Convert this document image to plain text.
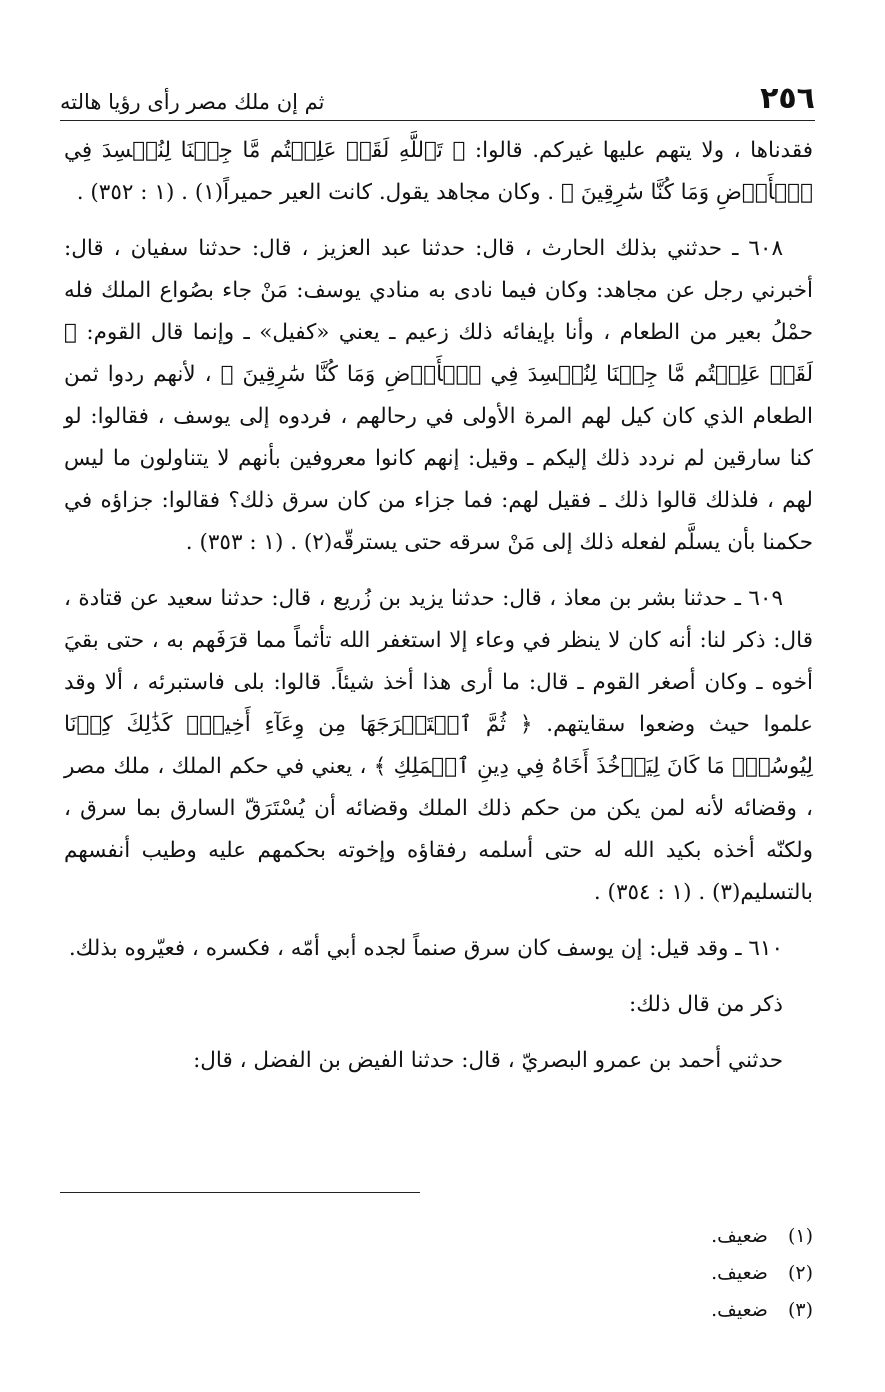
٢٥٦
ثم إن ملك مصر رأى رؤيا هالته

فقدناها ، ولا يتهم عليها غيركم. قالوا: ﴿ تَٱللَّهِ لَقَدۡ عَلِمۡتُم مَّا جِئۡنَا لِنُفۡسِدَ فِي ٱلۡأَرۡضِ وَمَا كُنَّا سَٰرِقِينَ ﴾ . وكان مجاهد يقول. كانت العير حميراً(١) . (١ : ٣٥٢) .

٦٠٨ ـ حدثني بذلك الحارث ، قال: حدثنا عبد العزيز ، قال: حدثنا سفيان ، قال: أخبرني رجل عن مجاهد: وكان فيما نادى به منادي يوسف: مَنْ جاء بصُواع الملك فله حمْلُ بعير من الطعام ، وأنا بإيفائه ذلك زعيم ـ يعني «كفيل» ـ وإنما قال القوم: ﴿ لَقَدۡ عَلِمۡتُم مَّا جِئۡنَا لِنُفۡسِدَ فِي ٱلۡأَرۡضِ وَمَا كُنَّا سَٰرِقِينَ ﴾ ، لأنهم ردوا ثمن الطعام الذي كان كيل لهم المرة الأولى في رحالهم ، فردوه إلى يوسف ، فقالوا: لو كنا سارقين لم نردد ذلك إليكم ـ وقيل: إنهم كانوا معروفين بأنهم لا يتناولون ما ليس لهم ، فلذلك قالوا ذلك ـ فقيل لهم: فما جزاء من كان سرق ذلك؟ فقالوا: جزاؤه في حكمنا بأن يسلَّم لفعله ذلك إلى مَنْ سرقه حتى يسترقّه(٢) . (١ : ٣٥٣) .

٦٠٩ ـ حدثنا بشر بن معاذ ، قال: حدثنا يزيد بن زُريع ، قال: حدثنا سعيد عن قتادة ، قال: ذكر لنا: أنه كان لا ينظر في وعاء إلا استغفر الله تأثماً مما قرَفَهم به ، حتى بقيَ أخوه ـ وكان أصغر القوم ـ قال: ما أرى هذا أخذ شيئاً. قالوا: بلى فاستبرئه ، ألا وقد علموا حيث وضعوا سقايتهم. ﴿ ثُمَّ ٱسۡتَخۡرَجَهَا مِن وِعَآءِ أَخِيهِۚ كَذَٰلِكَ كِدۡنَا لِيُوسُفَۖ مَا كَانَ لِيَأۡخُذَ أَخَاهُ فِي دِينِ ٱلۡمَلِكِ ﴾ ، يعني في حكم الملك ، ملك مصر ، وقضائه لأنه لمن يكن من حكم ذلك الملك وقضائه أن يُسْتَرَقّ السارق بما سرق ، ولكنّه أخذه بكيد الله له حتى أسلمه رفقاؤه وإخوته بحكمهم عليه وطيب أنفسهم بالتسليم(٣) . (١ : ٣٥٤) .

٦١٠ ـ وقد قيل: إن يوسف كان سرق صنماً لجده أبي أمّه ، فكسره ، فعيّروه بذلك.

ذكر من قال ذلك:

حدثني أحمد بن عمرو البصريّ ، قال: حدثنا الفيض بن الفضل ، قال:

(١) ضعيف.
(٢) ضعيف.
(٣) ضعيف.
